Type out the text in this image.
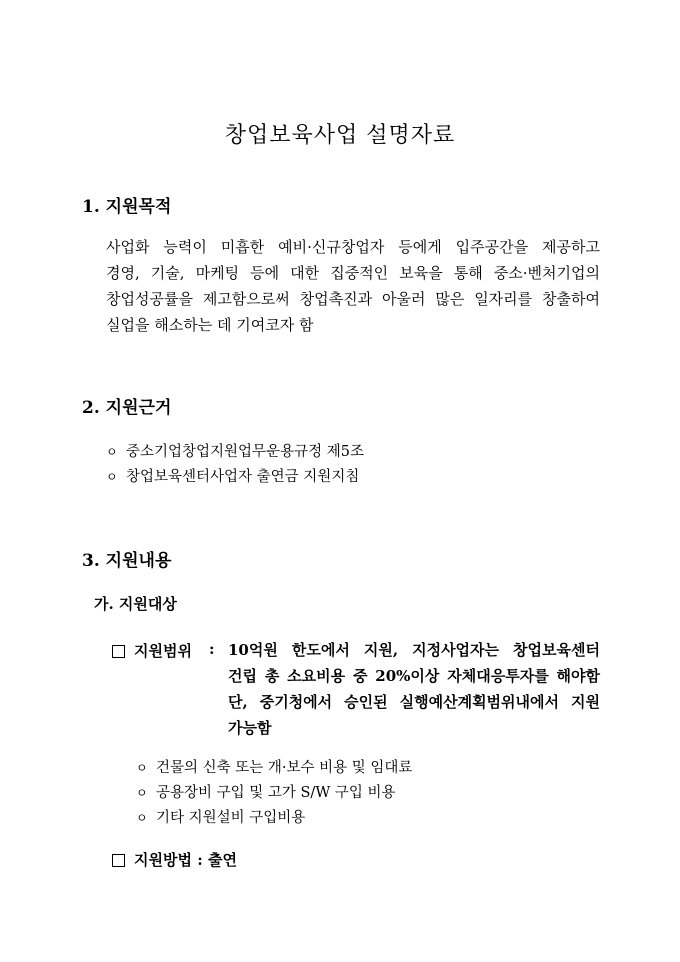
창업보육사업 설명자료
1. 지원목적
사업화 능력이 미흡한 예비·신규창업자 등에게 입주공간을 제공하고
경영, 기술, 마케팅 등에 대한 집중적인 보육을 통해 중소·벤처기업의
창업성공률을 제고함으로써 창업촉진과 아울러 많은 일자리를 창출하여
실업을 해소하는 데 기여코자 함
2. 지원근거
ㅇ 중소기업창업지원업무운용규정 제5조
ㅇ 창업보육센터사업자 출연금 지원지침
3. 지원내용
가. 지원대상
지원범위 : 10억원 한도에서 지원, 지정사업자는 창업보육센터
건립 총 소요비용 중 20%이상 자체대응투자를 해야함
단, 중기청에서 승인된 실행예산계획범위내에서 지원
가능함
ㅇ 건물의 신축 또는 개·보수 비용 및 임대료
ㅇ 공용장비 구입 및 고가 S/W 구입 비용
ㅇ 기타 지원설비 구입비용
지원방법 : 출연
